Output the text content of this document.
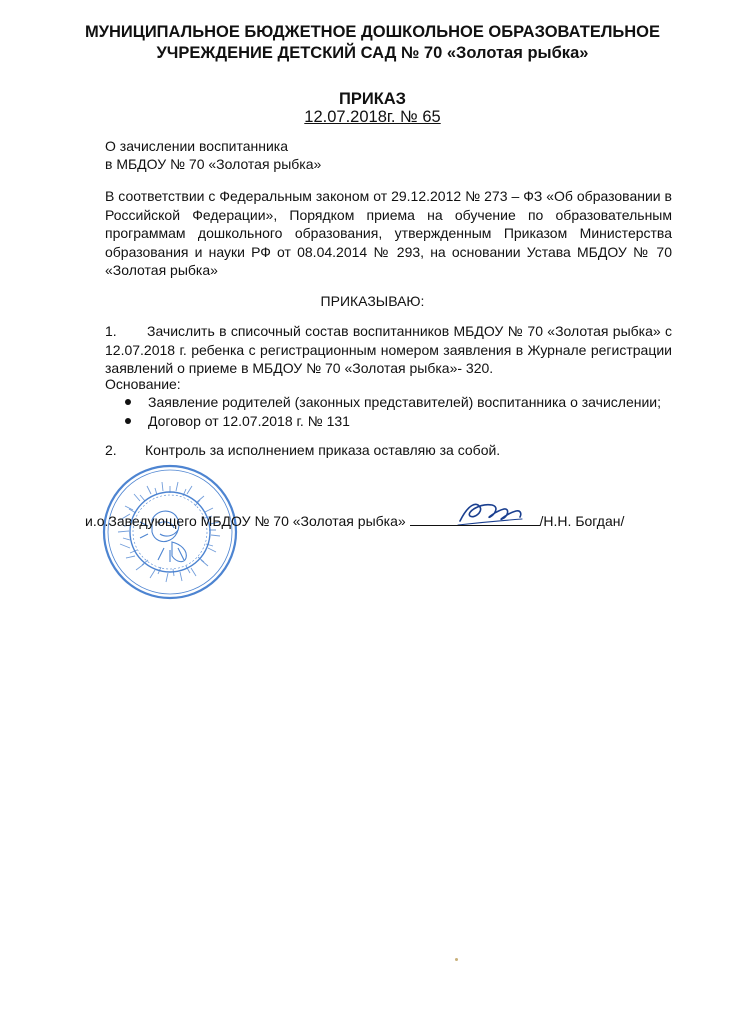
МУНИЦИПАЛЬНОЕ БЮДЖЕТНОЕ ДОШКОЛЬНОЕ ОБРАЗОВАТЕЛЬНОЕ
УЧРЕЖДЕНИЕ ДЕТСКИЙ САД № 70 «Золотая рыбка»
ПРИКАЗ
12.07.2018г. № 65
О зачислении воспитанника
в МБДОУ № 70 «Золотая рыбка»
В соответствии с Федеральным законом от 29.12.2012 № 273 – ФЗ «Об образовании в Российской Федерации», Порядком приема на обучение по образовательным программам дошкольного образования, утвержденным Приказом Министерства образования и науки РФ от 08.04.2014 № 293, на основании Устава МБДОУ № 70 «Золотая рыбка»
ПРИКАЗЫВАЮ:
1. Зачислить в списочный состав воспитанников МБДОУ № 70 «Золотая рыбка» с 12.07.2018 г. ребенка с регистрационным номером заявления в Журнале регистрации заявлений о приеме в МБДОУ № 70 «Золотая рыбка»- 320.
Основание:
Заявление родителей (законных представителей) воспитанника о зачислении;
Договор от 12.07.2018 г. № 131
2. Контроль за исполнением приказа оставляю за собой.
и.о.Заведующего МБДОУ № 70 «Золотая рыбка»	/Н.Н. Богдан/
